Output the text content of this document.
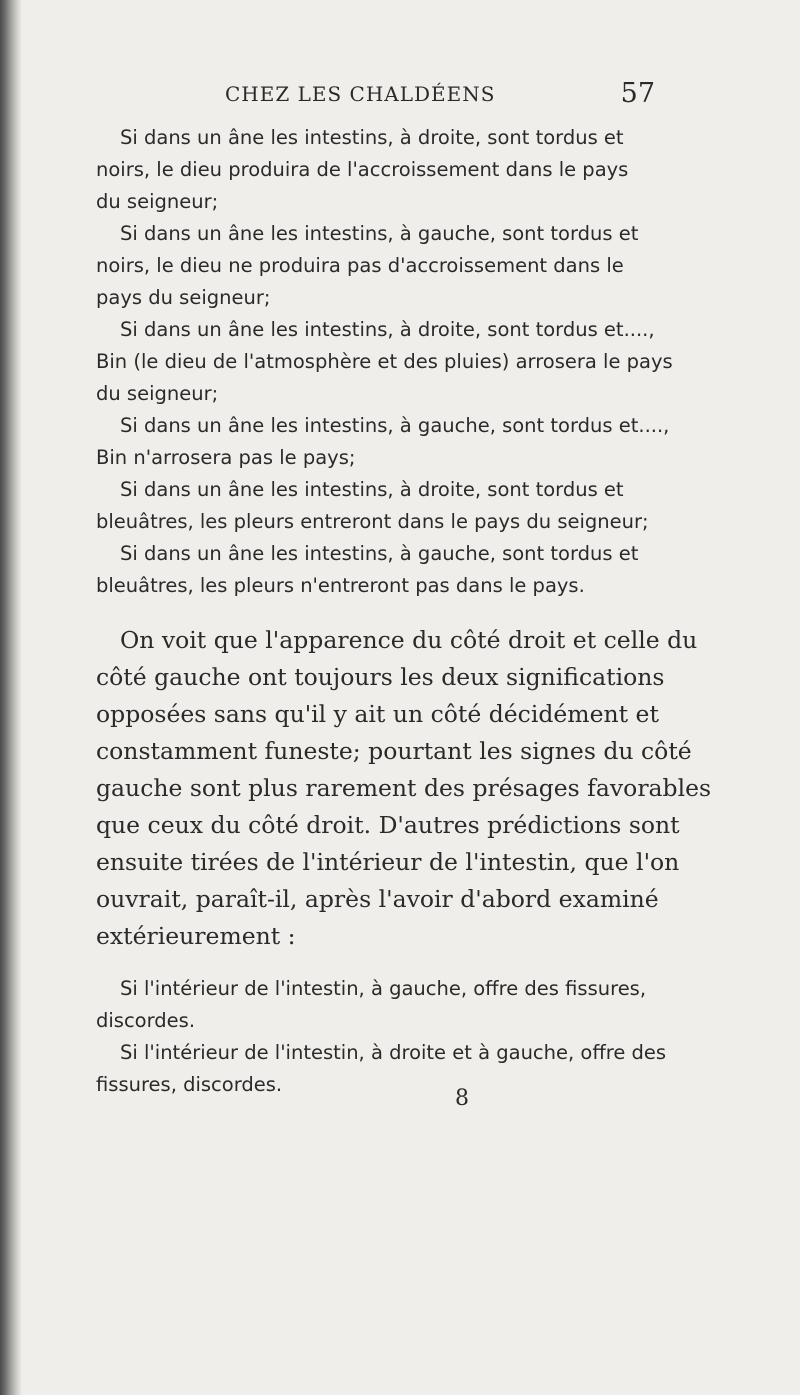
CHEZ LES CHALDÉENS	57
Si dans un âne les intestins, à droite, sont tordus et
noirs, le dieu produira de l'accroissement dans le pays
du seigneur;
Si dans un âne les intestins, à gauche, sont tordus et
noirs, le dieu ne produira pas d'accroissement dans le
pays du seigneur;
Si dans un âne les intestins, à droite, sont tordus et....,
Bin (le dieu de l'atmosphère et des pluies) arrosera le pays
du seigneur;
Si dans un âne les intestins, à gauche, sont tordus et....,
Bin n'arrosera pas le pays;
Si dans un âne les intestins, à droite, sont tordus et
bleuâtres, les pleurs entreront dans le pays du seigneur;
Si dans un âne les intestins, à gauche, sont tordus et
bleuâtres, les pleurs n'entreront pas dans le pays.
On voit que l'apparence du côté droit et celle du
côté gauche ont toujours les deux significations
opposées sans qu'il y ait un côté décidément et
constamment funeste; pourtant les signes du côté
gauche sont plus rarement des présages favorables
que ceux du côté droit. D'autres prédictions sont
ensuite tirées de l'intérieur de l'intestin, que l'on
ouvrait, paraît-il, après l'avoir d'abord examiné
extérieurement :
Si l'intérieur de l'intestin, à gauche, offre des fissures,
discordes.
Si l'intérieur de l'intestin, à droite et à gauche, offre des
fissures, discordes.
8
